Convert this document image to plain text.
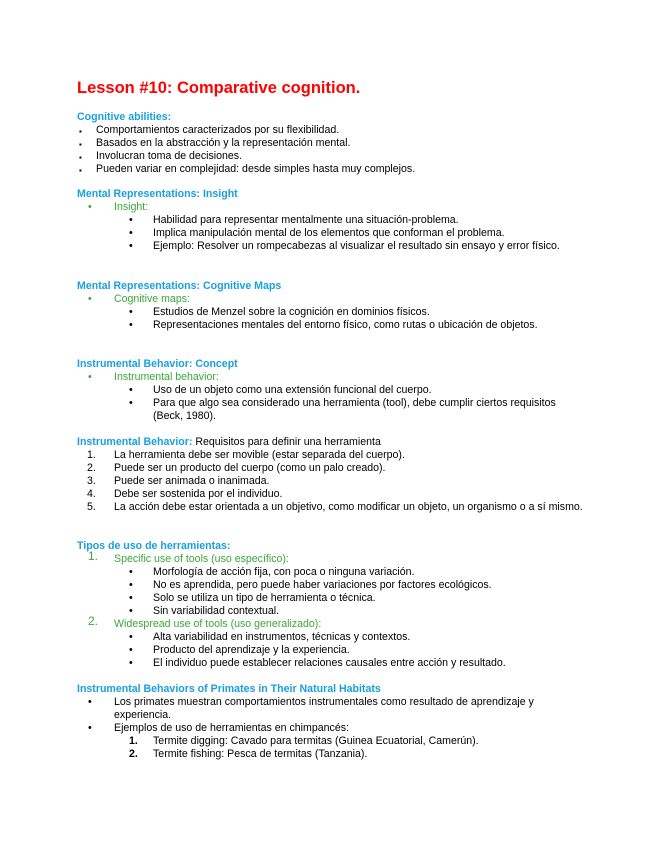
Lesson #10: Comparative cognition.
Cognitive abilities:
▪ Comportamientos caracterizados por su flexibilidad.
▪ Basados en la abstracción y la representación mental.
▪ Involucran toma de decisiones.
▪ Pueden variar en complejidad: desde simples hasta muy complejos.
Mental Representations: Insight
• Insight:
• Habilidad para representar mentalmente una situación-problema.
• Implica manipulación mental de los elementos que conforman el problema.
• Ejemplo: Resolver un rompecabezas al visualizar el resultado sin ensayo y error físico.
Mental Representations: Cognitive Maps
• Cognitive maps:
• Estudios de Menzel sobre la cognición en dominios físicos.
• Representaciones mentales del entorno físico, como rutas o ubicación de objetos.
Instrumental Behavior: Concept
• Instrumental behavior:
• Uso de un objeto como una extensión funcional del cuerpo.
• Para que algo sea considerado una herramienta (tool), debe cumplir ciertos requisitos (Beck, 1980).
Instrumental Behavior: Requisitos para definir una herramienta
1. La herramienta debe ser movible (estar separada del cuerpo).
2. Puede ser un producto del cuerpo (como un palo creado).
3. Puede ser animada o inanimada.
4. Debe ser sostenida por el individuo.
5. La acción debe estar orientada a un objetivo, como modificar un objeto, un organismo o a sí mismo.
Tipos de uso de herramientas:
1. Specific use of tools (uso específico):
• Morfología de acción fija, con poca o ninguna variación.
• No es aprendida, pero puede haber variaciones por factores ecológicos.
• Solo se utiliza un tipo de herramienta o técnica.
• Sin variabilidad contextual.
2. Widespread use of tools (uso generalizado):
• Alta variabilidad en instrumentos, técnicas y contextos.
• Producto del aprendizaje y la experiencia.
• El individuo puede establecer relaciones causales entre acción y resultado.
Instrumental Behaviors of Primates in Their Natural Habitats
• Los primates muestran comportamientos instrumentales como resultado de aprendizaje y experiencia.
• Ejemplos de uso de herramientas en chimpancés:
1. Termite digging: Cavado para termitas (Guinea Ecuatorial, Camerún).
2. Termite fishing: Pesca de termitas (Tanzania).
